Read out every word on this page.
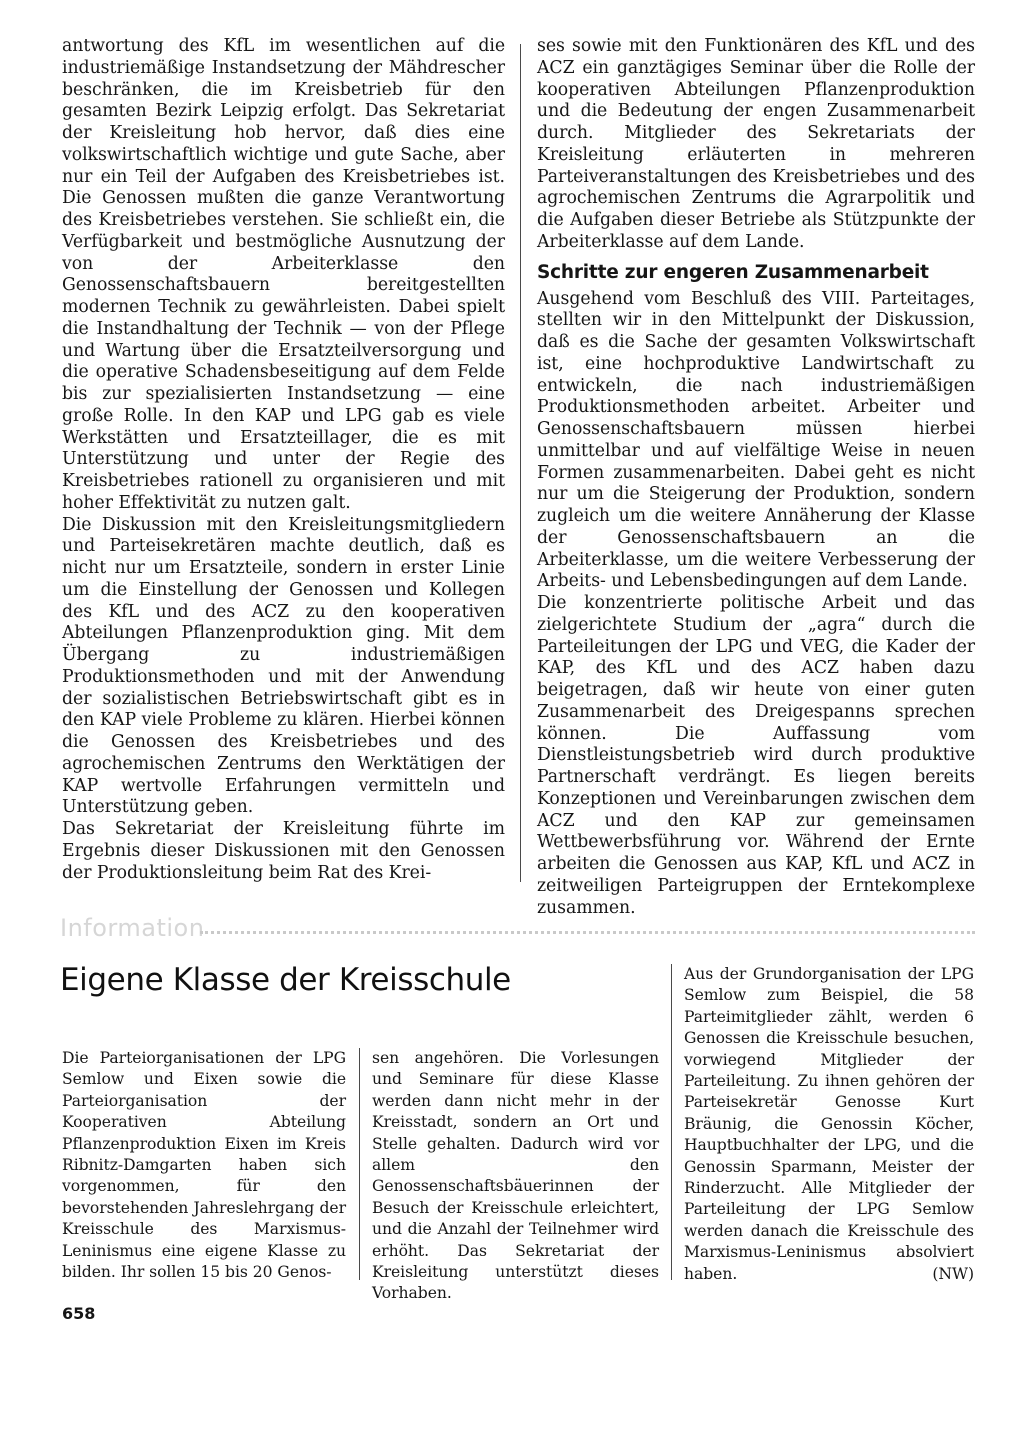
antwortung des KfL im wesentlichen auf die industriemäßige Instandsetzung der Mähdrescher beschränken, die im Kreisbetrieb für den gesamten Bezirk Leipzig erfolgt. Das Sekretariat der Kreisleitung hob hervor, daß dies eine volkswirtschaftlich wichtige und gute Sache, aber nur ein Teil der Aufgaben des Kreisbetriebes ist. Die Genossen mußten die ganze Verantwortung des Kreisbetriebes verstehen. Sie schließt ein, die Verfügbarkeit und bestmögliche Ausnutzung der von der Arbeiterklasse den Genossenschaftsbauern bereitgestellten modernen Technik zu gewährleisten. Dabei spielt die Instandhaltung der Technik — von der Pflege und Wartung über die Ersatzteilversorgung und die operative Schadensbeseitigung auf dem Felde bis zur spezialisierten Instandsetzung — eine große Rolle. In den KAP und LPG gab es viele Werkstätten und Ersatzteillager, die es mit Unterstützung und unter der Regie des Kreisbetriebes rationell zu organisieren und mit hoher Effektivität zu nutzen galt.

Die Diskussion mit den Kreisleitungsmitgliedern und Parteisekretären machte deutlich, daß es nicht nur um Ersatzteile, sondern in erster Linie um die Einstellung der Genossen und Kollegen des KfL und des ACZ zu den kooperativen Abteilungen Pflanzenproduktion ging. Mit dem Übergang zu industriemäßigen Produktionsmethoden und mit der Anwendung der sozialistischen Betriebswirtschaft gibt es in den KAP viele Probleme zu klären. Hierbei können die Genossen des Kreisbetriebes und des agrochemischen Zentrums den Werktätigen der KAP wertvolle Erfahrungen vermitteln und Unterstützung geben.

Das Sekretariat der Kreisleitung führte im Ergebnis dieser Diskussionen mit den Genossen der Produktionsleitung beim Rat des Krei-

ses sowie mit den Funktionären des KfL und des ACZ ein ganztägiges Seminar über die Rolle der kooperativen Abteilungen Pflanzenproduktion und die Bedeutung der engen Zusammenarbeit durch. Mitglieder des Sekretariats der Kreisleitung erläuterten in mehreren Parteiveranstaltungen des Kreisbetriebes und des agrochemischen Zentrums die Agrarpolitik und die Aufgaben dieser Betriebe als Stützpunkte der Arbeiterklasse auf dem Lande.

Schritte zur engeren Zusammenarbeit

Ausgehend vom Beschluß des VIII. Parteitages, stellten wir in den Mittelpunkt der Diskussion, daß es die Sache der gesamten Volkswirtschaft ist, eine hochproduktive Landwirtschaft zu entwickeln, die nach industriemäßigen Produktionsmethoden arbeitet. Arbeiter und Genossenschaftsbauern müssen hierbei unmittelbar und auf vielfältige Weise in neuen Formen zusammenarbeiten. Dabei geht es nicht nur um die Steigerung der Produktion, sondern zugleich um die weitere Annäherung der Klasse der Genossenschaftsbauern an die Arbeiterklasse, um die weitere Verbesserung der Arbeits- und Lebensbedingungen auf dem Lande.

Die konzentrierte politische Arbeit und das zielgerichtete Studium der „agra“ durch die Parteileitungen der LPG und VEG, die Kader der KAP, des KfL und des ACZ haben dazu beigetragen, daß wir heute von einer guten Zusammenarbeit des Dreigespanns sprechen können. Die Auffassung vom Dienstleistungsbetrieb wird durch produktive Partnerschaft verdrängt. Es liegen bereits Konzeptionen und Vereinbarungen zwischen dem ACZ und den KAP zur gemeinsamen Wettbewerbsführung vor. Während der Ernte arbeiten die Genossen aus KAP, KfL und ACZ in zeitweiligen Parteigruppen der Erntekomplexe zusammen.

Information
Eigene Klasse der Kreisschule

Die Parteiorganisationen der LPG Semlow und Eixen sowie die Parteiorganisation der Kooperativen Abteilung Pflanzenproduktion Eixen im Kreis Ribnitz-Damgarten haben sich vorgenommen, für den bevorstehenden Jahreslehrgang der Kreisschule des Marxismus-Leninismus eine eigene Klasse zu bilden. Ihr sollen 15 bis 20 Genos-

sen angehören. Die Vorlesungen und Seminare für diese Klasse werden dann nicht mehr in der Kreisstadt, sondern an Ort und Stelle gehalten. Dadurch wird vor allem den Genossenschaftsbäuerinnen der Besuch der Kreisschule erleichtert, und die Anzahl der Teilnehmer wird erhöht. Das Sekretariat der Kreisleitung unterstützt dieses Vorhaben.

Aus der Grundorganisation der LPG Semlow zum Beispiel, die 58 Parteimitglieder zählt, werden 6 Genossen die Kreisschule besuchen, vorwiegend Mitglieder der Parteileitung. Zu ihnen gehören der Parteisekretär Genosse Kurt Bräunig, die Genossin Köcher, Hauptbuchhalter der LPG, und die Genossin Sparmann, Meister der Rinderzucht. Alle Mitglieder der Parteileitung der LPG Semlow werden danach die Kreisschule des Marxismus-Leninismus absolviert haben.	(NW)

658
